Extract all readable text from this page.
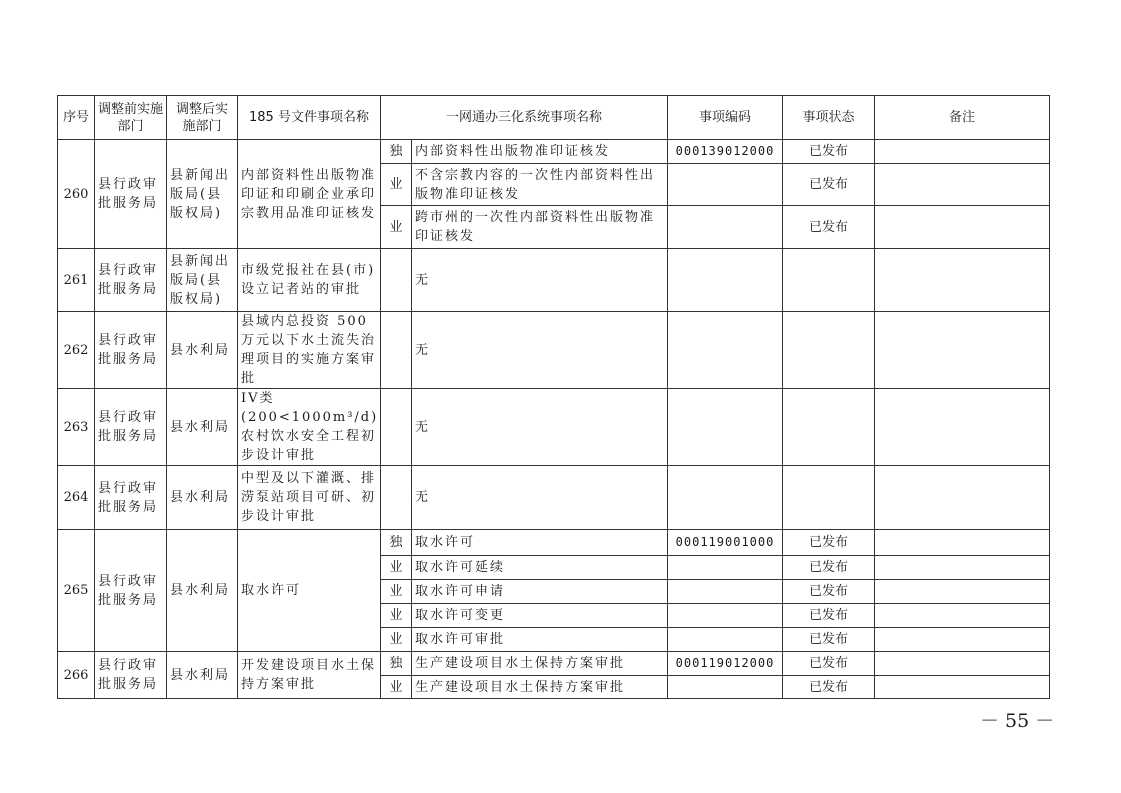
序号	调整前实施部门	调整后实施部门	185 号文件事项名称	一网通办三化系统事项名称		事项编码	事项状态	备注
260	县行政审批服务局	县新闻出版局(县版权局)	内部资料性出版物准印证和印刷企业承印宗教用品准印证核发	独	内部资料性出版物准印证核发	000139012000	已发布	
				业	不含宗教内容的一次性内部资料性出版物准印证核发		已发布	
				业	跨市州的一次性内部资料性出版物准印证核发		已发布	
261	县行政审批服务局	县新闻出版局(县版权局)	市级党报社在县(市)设立记者站的审批		无			
262	县行政审批服务局	县水利局	县域内总投资 500 万元以下水土流失治理项目的实施方案审批		无			
263	县行政审批服务局	县水利局	IV类(200<1000m³/d)农村饮水安全工程初步设计审批		无			
264	县行政审批服务局	县水利局	中型及以下灌溉、排涝泵站项目可研、初步设计审批		无			
265	县行政审批服务局	县水利局	取水许可	独	取水许可	000119001000	已发布	
				业	取水许可延续		已发布	
				业	取水许可申请		已发布	
				业	取水许可变更		已发布	
				业	取水许可审批		已发布	
266	县行政审批服务局	县水利局	开发建设项目水土保持方案审批	独	生产建设项目水土保持方案审批	000119012000	已发布	
				业	生产建设项目水土保持方案审批		已发布	
－ 55 －
